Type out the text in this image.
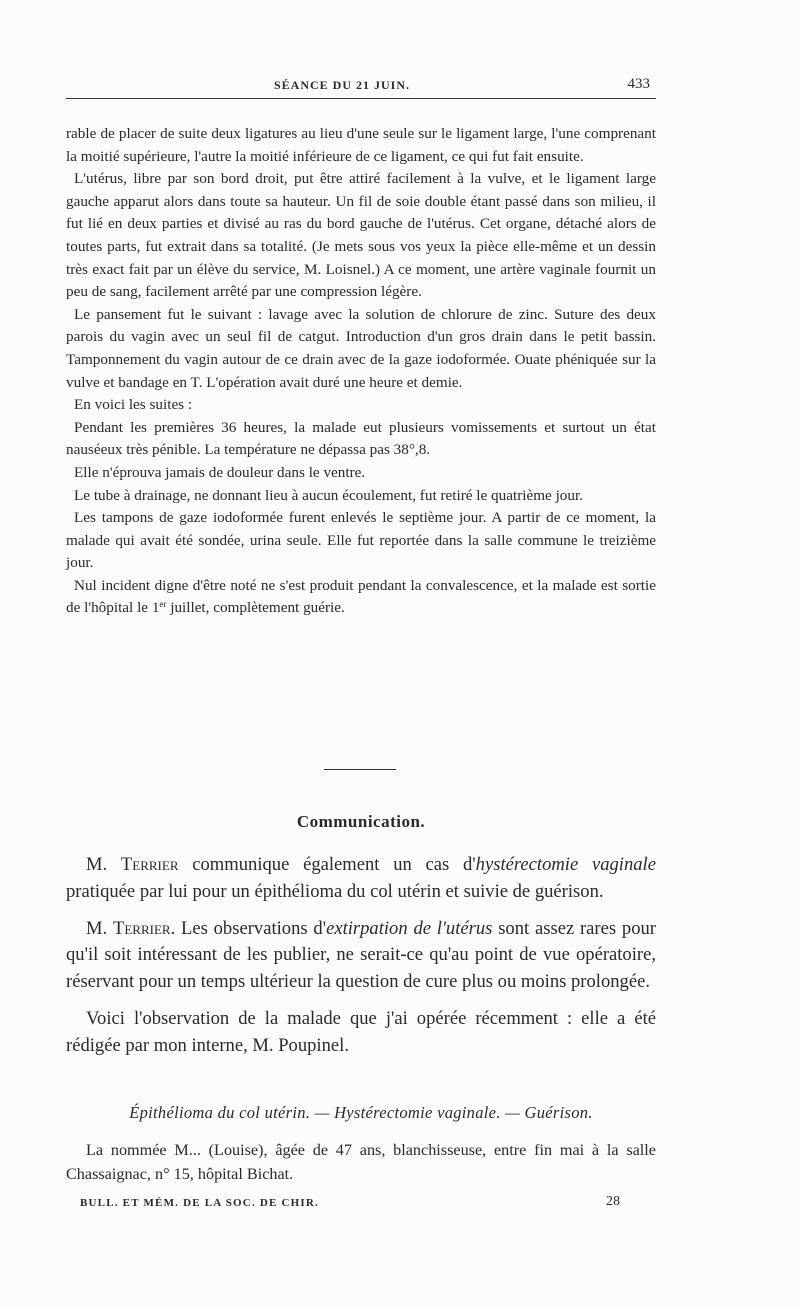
SÉANCE DU 21 JUIN.	433

rable de placer de suite deux ligatures au lieu d'une seule sur le ligament large, l'une comprenant la moitié supérieure, l'autre la moitié inférieure de ce ligament, ce qui fut fait ensuite.

L'utérus, libre par son bord droit, put être attiré facilement à la vulve, et le ligament large gauche apparut alors dans toute sa hauteur. Un fil de soie double étant passé dans son milieu, il fut lié en deux parties et divisé au ras du bord gauche de l'utérus. Cet organe, détaché alors de toutes parts, fut extrait dans sa totalité. (Je mets sous vos yeux la pièce elle-même et un dessin très exact fait par un élève du service, M. Loisnel.) A ce moment, une artère vaginale fournit un peu de sang, facilement arrêté par une compression légère.

Le pansement fut le suivant : lavage avec la solution de chlorure de zinc. Suture des deux parois du vagin avec un seul fil de catgut. Introduction d'un gros drain dans le petit bassin. Tamponnement du vagin autour de ce drain avec de la gaze iodoformée. Ouate phéniquée sur la vulve et bandage en T. L'opération avait duré une heure et demie.

En voici les suites :

Pendant les premières 36 heures, la malade eut plusieurs vomissements et surtout un état nauséeux très pénible. La température ne dépassa pas 38°,8.

Elle n'éprouva jamais de douleur dans le ventre.

Le tube à drainage, ne donnant lieu à aucun écoulement, fut retiré le quatrième jour.

Les tampons de gaze iodoformée furent enlevés le septième jour. A partir de ce moment, la malade qui avait été sondée, urina seule. Elle fut reportée dans la salle commune le treizième jour.

Nul incident digne d'être noté ne s'est produit pendant la convalescence, et la malade est sortie de l'hôpital le 1er juillet, complètement guérie.

Communication.

M. Terrier communique également un cas d'hystérectomie vaginale pratiquée par lui pour un épithélioma du col utérin et suivie de guérison.

M. Terrier. Les observations d'extirpation de l'utérus sont assez rares pour qu'il soit intéressant de les publier, ne serait-ce qu'au point de vue opératoire, réservant pour un temps ultérieur la question de cure plus ou moins prolongée.

Voici l'observation de la malade que j'ai opérée récemment : elle a été rédigée par mon interne, M. Poupinel.

Épithélioma du col utérin. — Hystérectomie vaginale. — Guérison.

La nommée M... (Louise), âgée de 47 ans, blanchisseuse, entre fin mai à la salle Chassaignac, n° 15, hôpital Bichat.

BULL. ET MÉM. DE LA SOC. DE CHIR.	28
